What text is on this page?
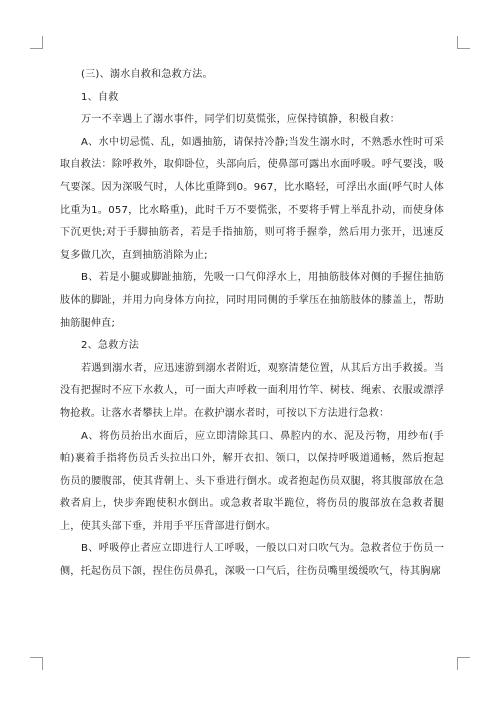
(三)、溺水自救和急救方法。

1、自救

万一不幸遇上了溺水事件，同学们切莫慌张，应保持镇静，积极自救：

A、水中切忌慌、乱，如遇抽筋，请保持冷静;当发生溺水时，不熟悉水性时可采取自救法：除呼救外，取仰卧位，头部向后，使鼻部可露出水面呼吸。呼气要浅，吸气要深。因为深吸气时，人体比重降到0。967，比水略轻，可浮出水面(呼气时人体比重为1。057，比水略重)，此时千万不要慌张，不要将手臂上举乱扑动，而使身体下沉更快;对于手脚抽筋者，若是手指抽筋，则可将手握拳，然后用力张开，迅速反复多做几次，直到抽筋消除为止;

B、若是小腿或脚趾抽筋，先吸一口气仰浮水上，用抽筋肢体对侧的手握住抽筋肢体的脚趾，并用力向身体方向拉，同时用同侧的手掌压在抽筋肢体的膝盖上，帮助抽筋腿伸直;

2、急救方法

若遇到溺水者，应迅速游到溺水者附近，观察清楚位置，从其后方出手救援。当没有把握时不应下水救人，可一面大声呼救一面利用竹竿、树枝、绳索、衣服或漂浮物抢救。让落水者攀扶上岸。在救护溺水者时，可按以下方法进行急救：

A、将伤员抬出水面后，应立即清除其口、鼻腔内的水、泥及污物，用纱布(手帕)裹着手指将伤员舌头拉出口外，解开衣扣、领口，以保持呼吸道通畅，然后抱起伤员的腰腹部，使其背朝上、头下垂进行倒水。或者抱起伤员双腿，将其腹部放在急救者肩上，快步奔跑使积水倒出。或急救者取半跪位，将伤员的腹部放在急救者腿上，使其头部下垂，并用手平压背部进行倒水。

B、呼吸停止者应立即进行人工呼吸，一般以口对口吹气为。急救者位于伤员一侧，托起伤员下颌，捏住伤员鼻孔，深吸一口气后，往伤员嘴里缓缓吹气，待其胸廓
